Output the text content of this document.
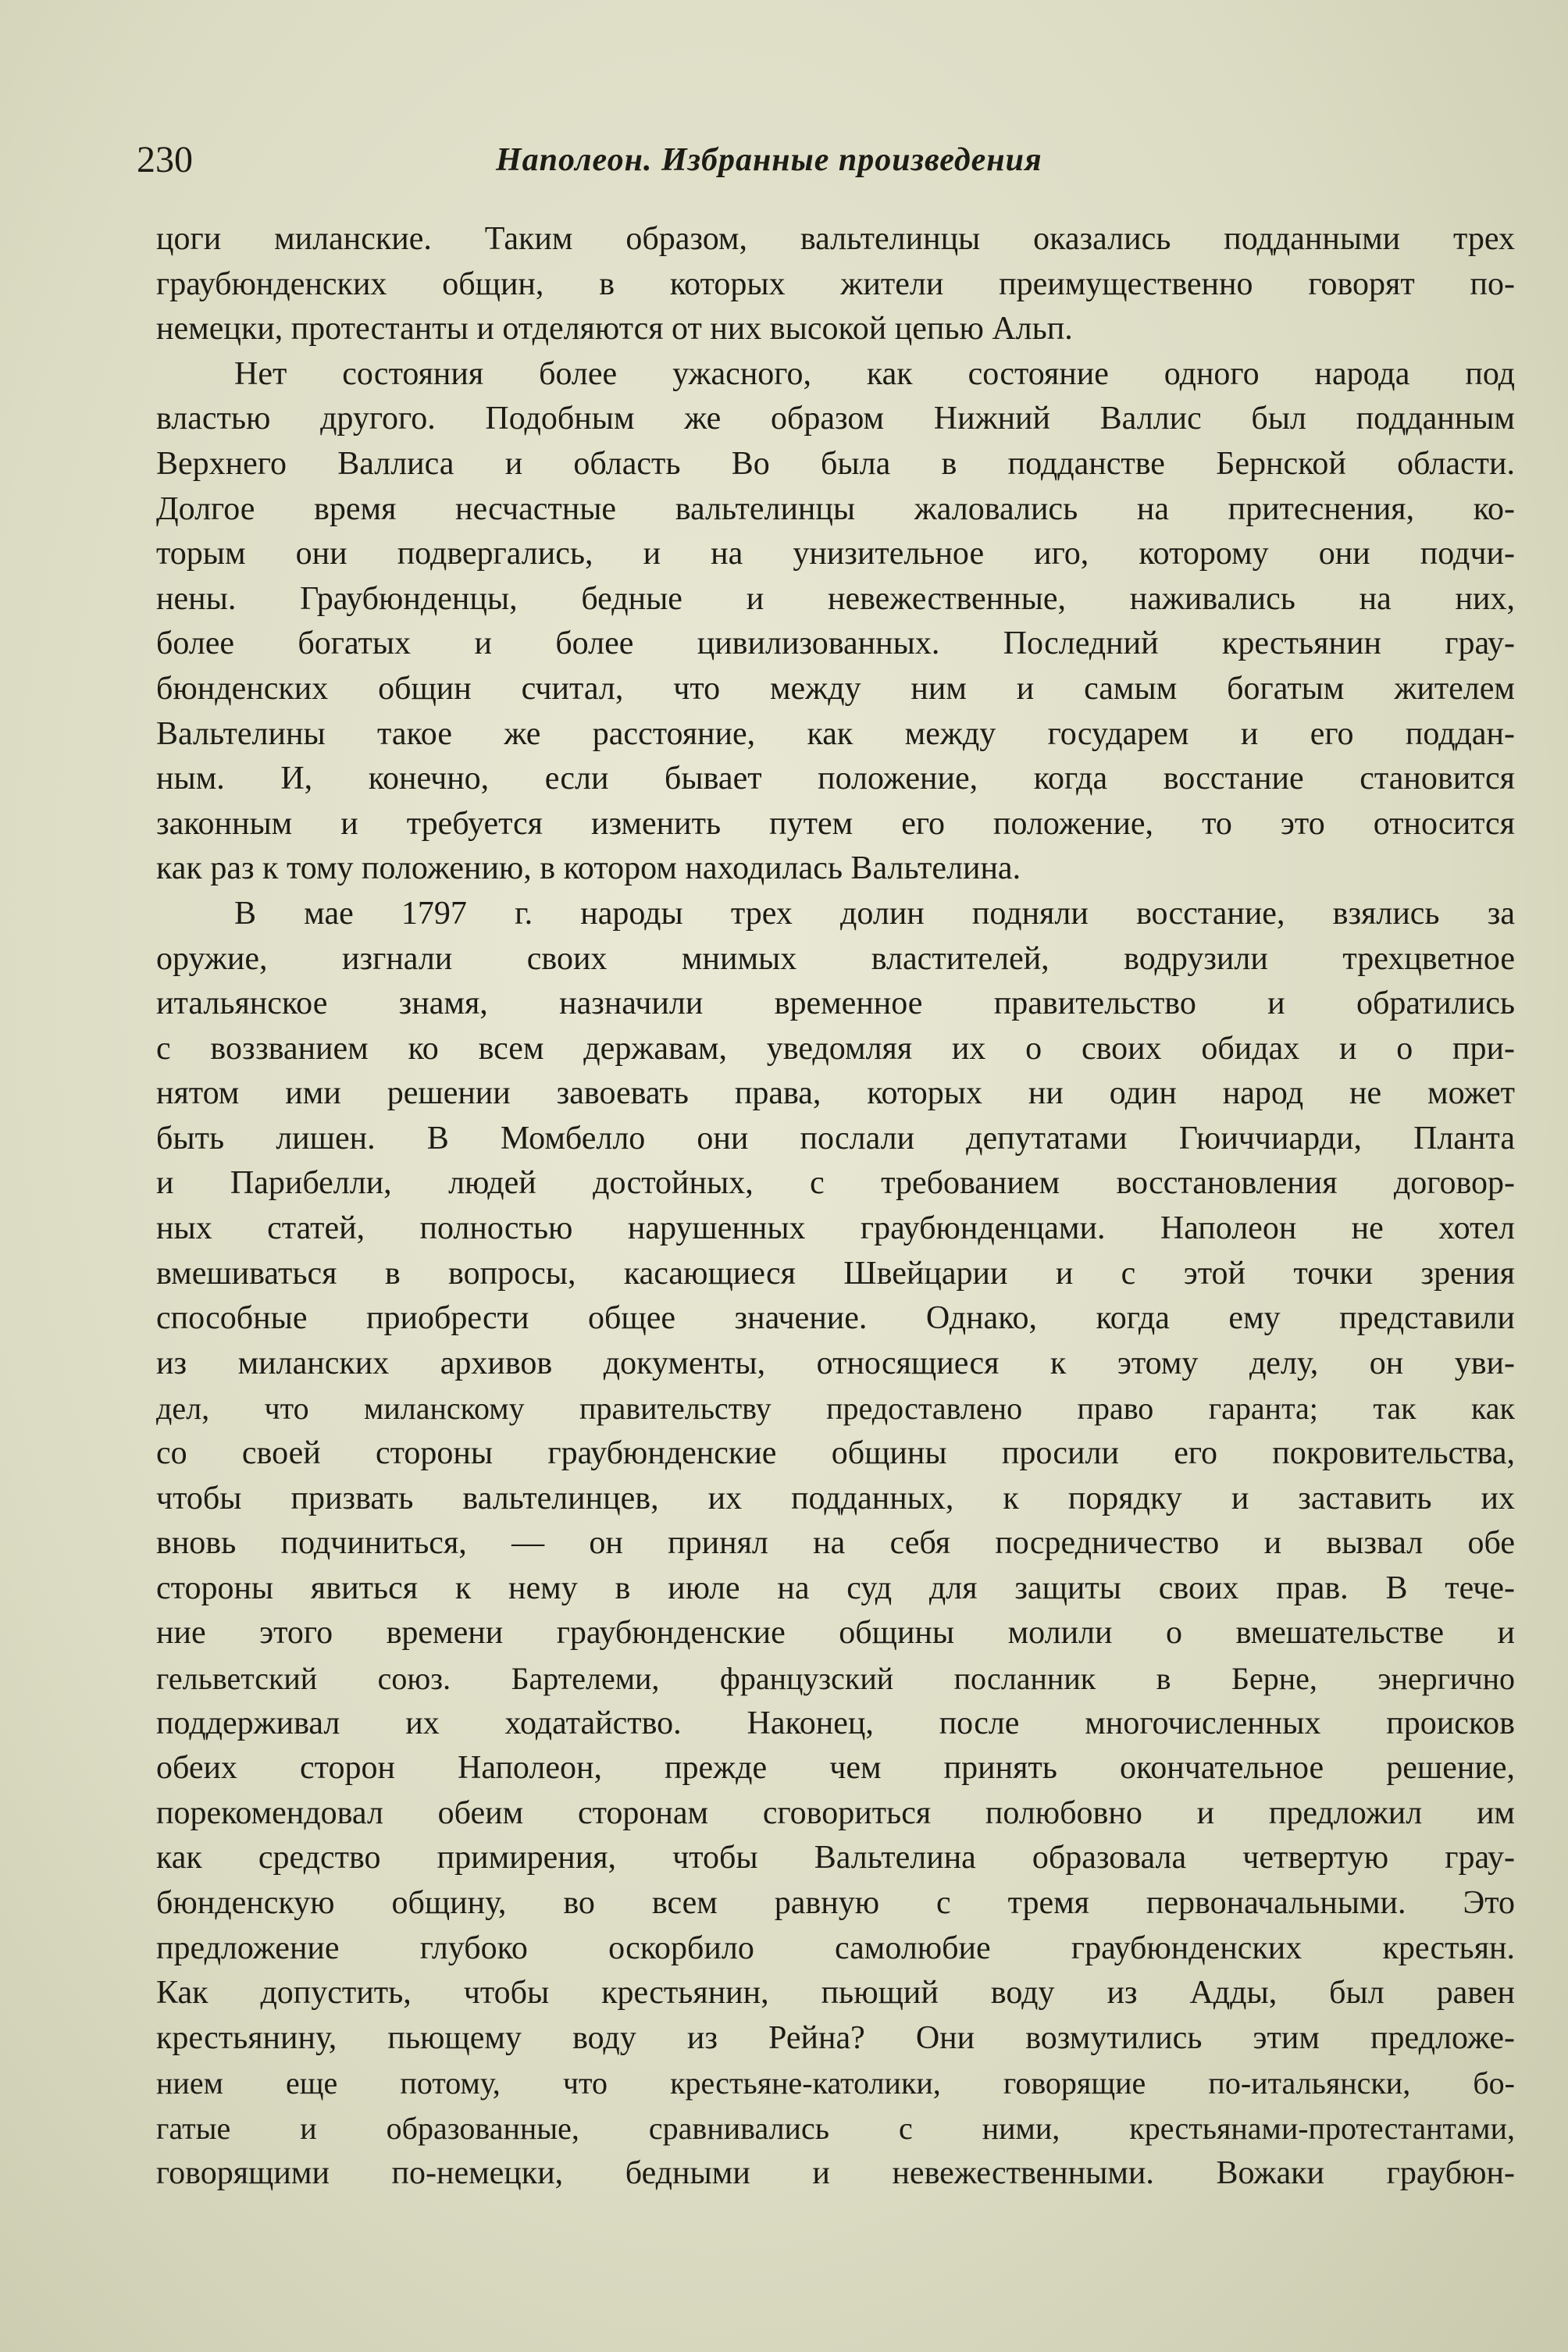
230	Наполеон. Избранные произведения
цоги миланские. Таким образом, вальтелинцы оказались подданными трех
граубюнденских общин, в которых жители преимущественно говорят по-
немецки, протестанты и отделяются от них высокой цепью Альп.
Нет состояния более ужасного, как состояние одного народа под
властью другого. Подобным же образом Нижний Валлис был подданным
Верхнего Валлиса и область Во была в подданстве Бернской области.
Долгое время несчастные вальтелинцы жаловались на притеснения, ко-
торым они подвергались, и на унизительное иго, которому они подчи-
нены. Граубюнденцы, бедные и невежественные, наживались на них,
более богатых и более цивилизованных. Последний крестьянин грау-
бюнденских общин считал, что между ним и самым богатым жителем
Вальтелины такое же расстояние, как между государем и его поддан-
ным. И, конечно, если бывает положение, когда восстание становится
законным и требуется изменить путем его положение, то это относится
как раз к тому положению, в котором находилась Вальтелина.
В мае 1797 г. народы трех долин подняли восстание, взялись за
оружие, изгнали своих мнимых властителей, водрузили трехцветное
итальянское знамя, назначили временное правительство и обратились
с воззванием ко всем державам, уведомляя их о своих обидах и о при-
нятом ими решении завоевать права, которых ни один народ не может
быть лишен. В Момбелло они послали депутатами Гюиччиарди, Планта
и Парибелли, людей достойных, с требованием восстановления договор-
ных статей, полностью нарушенных граубюнденцами. Наполеон не хотел
вмешиваться в вопросы, касающиеся Швейцарии и с этой точки зрения
способные приобрести общее значение. Однако, когда ему представили
из миланских архивов документы, относящиеся к этому делу, он уви-
дел, что миланскому правительству предоставлено право гаранта; так как
со своей стороны граубюнденские общины просили его покровительства,
чтобы призвать вальтелинцев, их подданных, к порядку и заставить их
вновь подчиниться, — он принял на себя посредничество и вызвал обе
стороны явиться к нему в июле на суд для защиты своих прав. В тече-
ние этого времени граубюнденские общины молили о вмешательстве и
гельветский союз. Бартелеми, французский посланник в Берне, энергично
поддерживал их ходатайство. Наконец, после многочисленных происков
обеих сторон Наполеон, прежде чем принять окончательное решение,
порекомендовал обеим сторонам сговориться полюбовно и предложил им
как средство примирения, чтобы Вальтелина образовала четвертую грау-
бюнденскую общину, во всем равную с тремя первоначальными. Это
предложение глубоко оскорбило самолюбие граубюнденских крестьян.
Как допустить, чтобы крестьянин, пьющий воду из Адды, был равен
крестьянину, пьющему воду из Рейна? Они возмутились этим предложе-
нием еще потому, что крестьяне-католики, говорящие по-итальянски, бо-
гатые и образованные, сравнивались с ними, крестьянами-протестантами,
говорящими по-немецки, бедными и невежественными. Вожаки граубюн-
